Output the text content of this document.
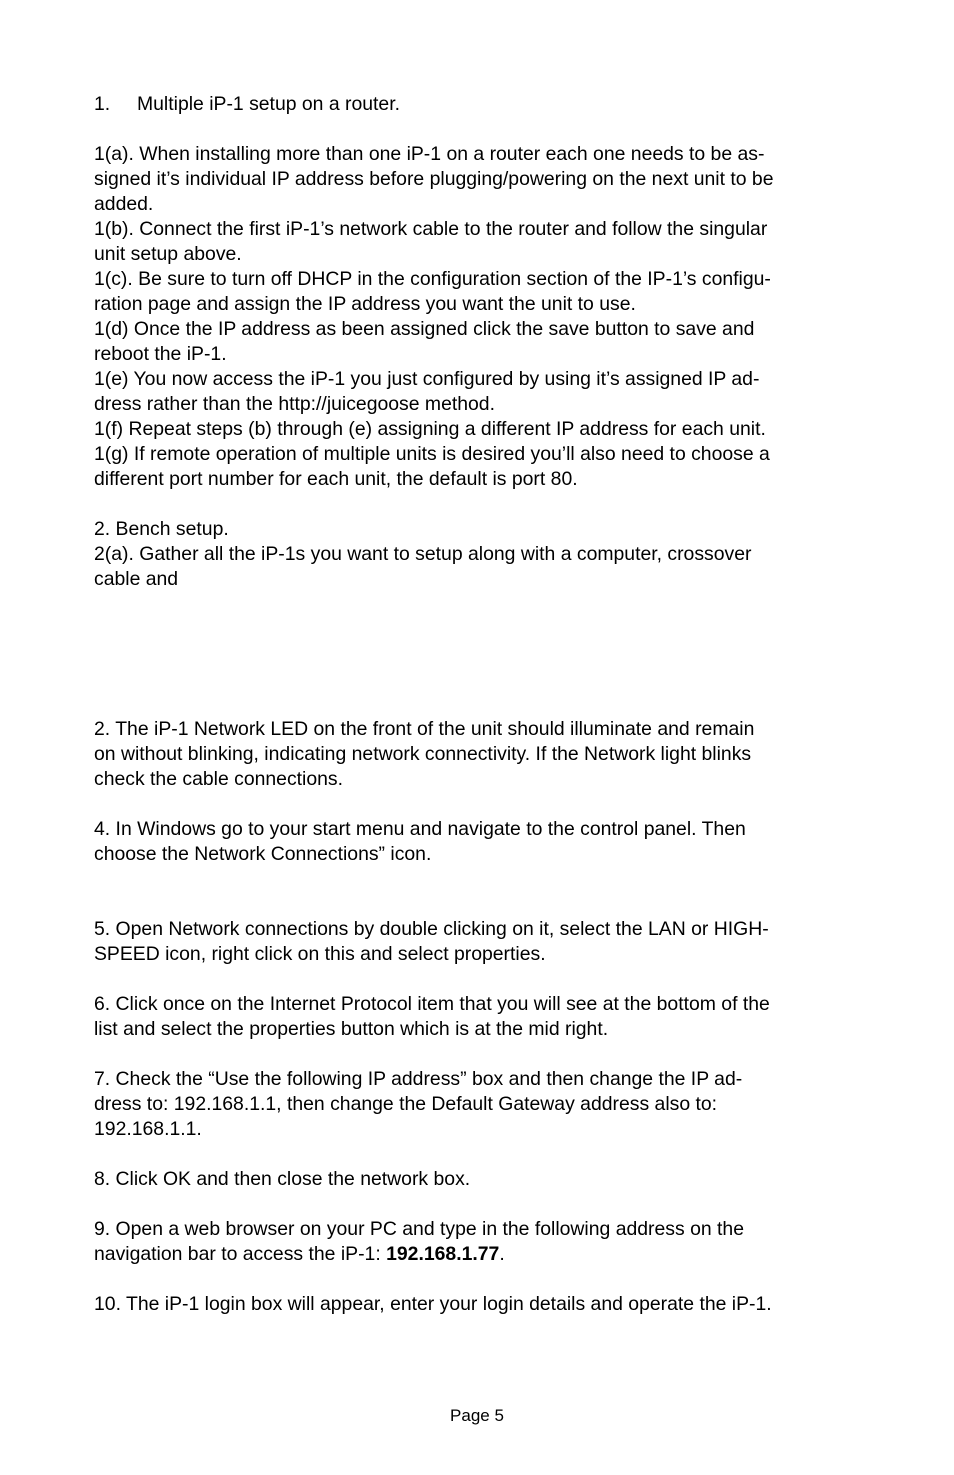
1. Multiple iP-1 setup on a router.
1(a). When installing more than one iP-1 on a router each one needs to be as-
signed it’s individual IP address before plugging/powering on the next unit to be
added.
1(b). Connect the first iP-1’s network cable to the router and follow the singular
unit setup above.
1(c). Be sure to turn off DHCP in the configuration section of the IP-1’s configu-
ration page and assign the IP address you want the unit to use.
1(d) Once the IP address as been assigned click the save button to save and
reboot the iP-1.
1(e) You now access the iP-1 you just configured by using it’s assigned IP ad-
dress rather than the http://juicegoose method.
1(f) Repeat steps (b) through (e) assigning a different IP address for each unit.
1(g) If remote operation of multiple units is desired you’ll also need to choose a
different port number for each unit, the default is port 80.
2. Bench setup.
2(a). Gather all the iP-1s you want to setup along with a computer, crossover
cable and
2. The iP-1 Network LED on the front of the unit should illuminate and remain
on without blinking, indicating network connectivity. If the Network light blinks
check the cable connections.
4. In Windows go to your start menu and navigate to the control panel. Then
choose the Network Connections” icon.
5. Open Network connections by double clicking on it, select the LAN or HIGH-
SPEED icon, right click on this and select properties.
6. Click once on the Internet Protocol item that you will see at the bottom of the
list and select the properties button which is at the mid right.
7. Check the “Use the following IP address” box and then change the IP ad-
dress to: 192.168.1.1, then change the Default Gateway address also to:
192.168.1.1.
8. Click OK and then close the network box.
9. Open a web browser on your PC and type in the following address on the
navigation bar to access the iP-1: 192.168.1.77.
10. The iP-1 login box will appear, enter your login details and operate the iP-1.
Page 5
